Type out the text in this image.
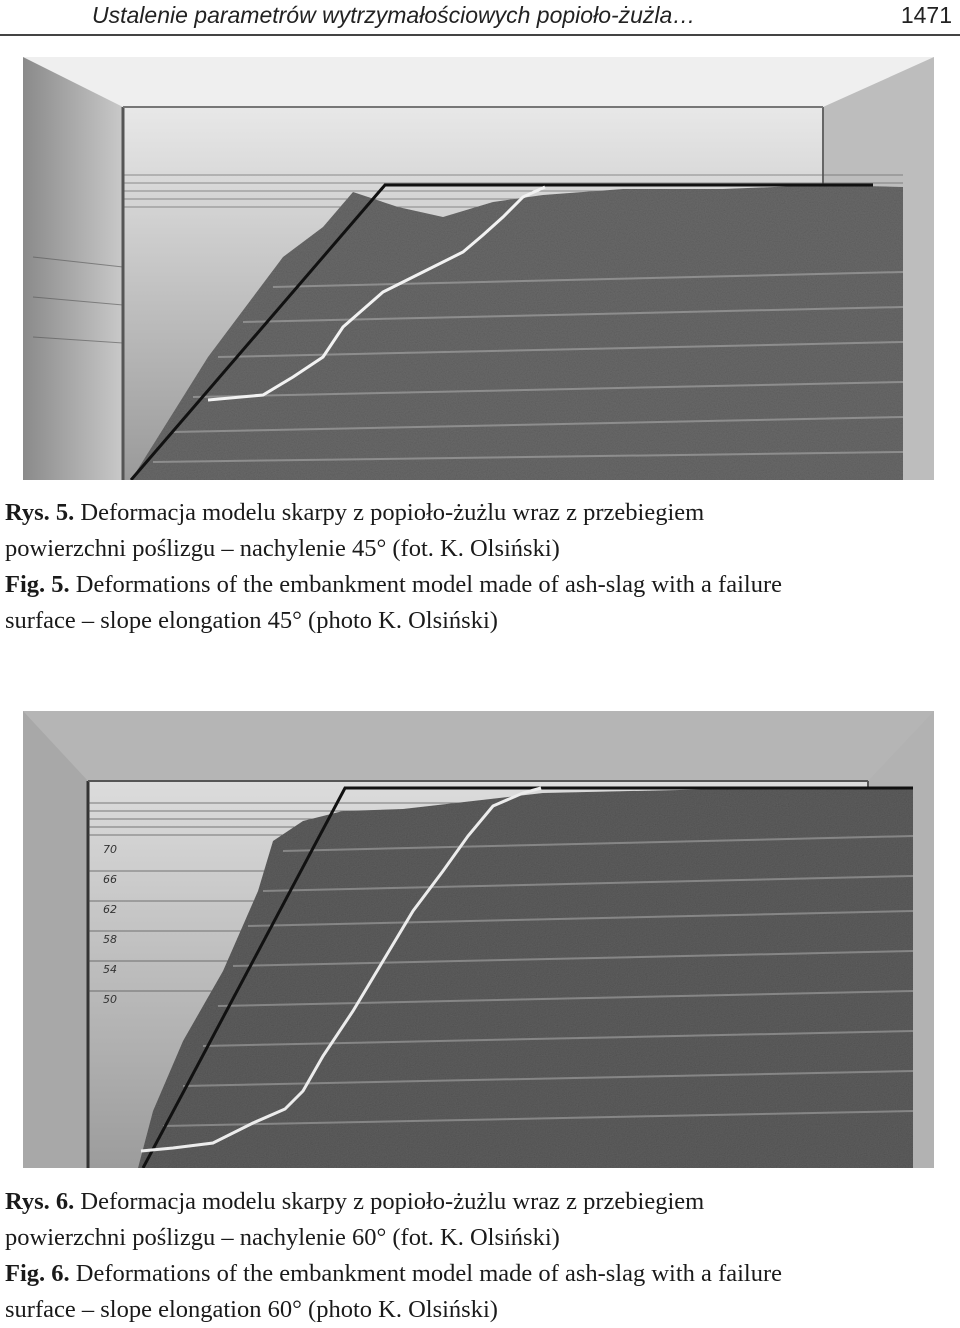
Ustalenie parametrów wytrzymałościowych popioło-żużla…	1471

Rys. 5. Deformacja modelu skarpy z popioło-żużlu wraz z przebiegiem

powierzchni poślizgu – nachylenie 45° (fot. K. Olsiński)

Fig. 5. Deformations of the embankment model made of ash-slag with a failure

surface – slope elongation 45° (photo K. Olsiński)

70
66
62
58
54
50

Rys. 6. Deformacja modelu skarpy z popioło-żużlu wraz z przebiegiem

powierzchni poślizgu – nachylenie 60° (fot. K. Olsiński)

Fig. 6. Deformations of the embankment model made of ash-slag with a failure

surface – slope elongation 60° (photo K. Olsiński)
